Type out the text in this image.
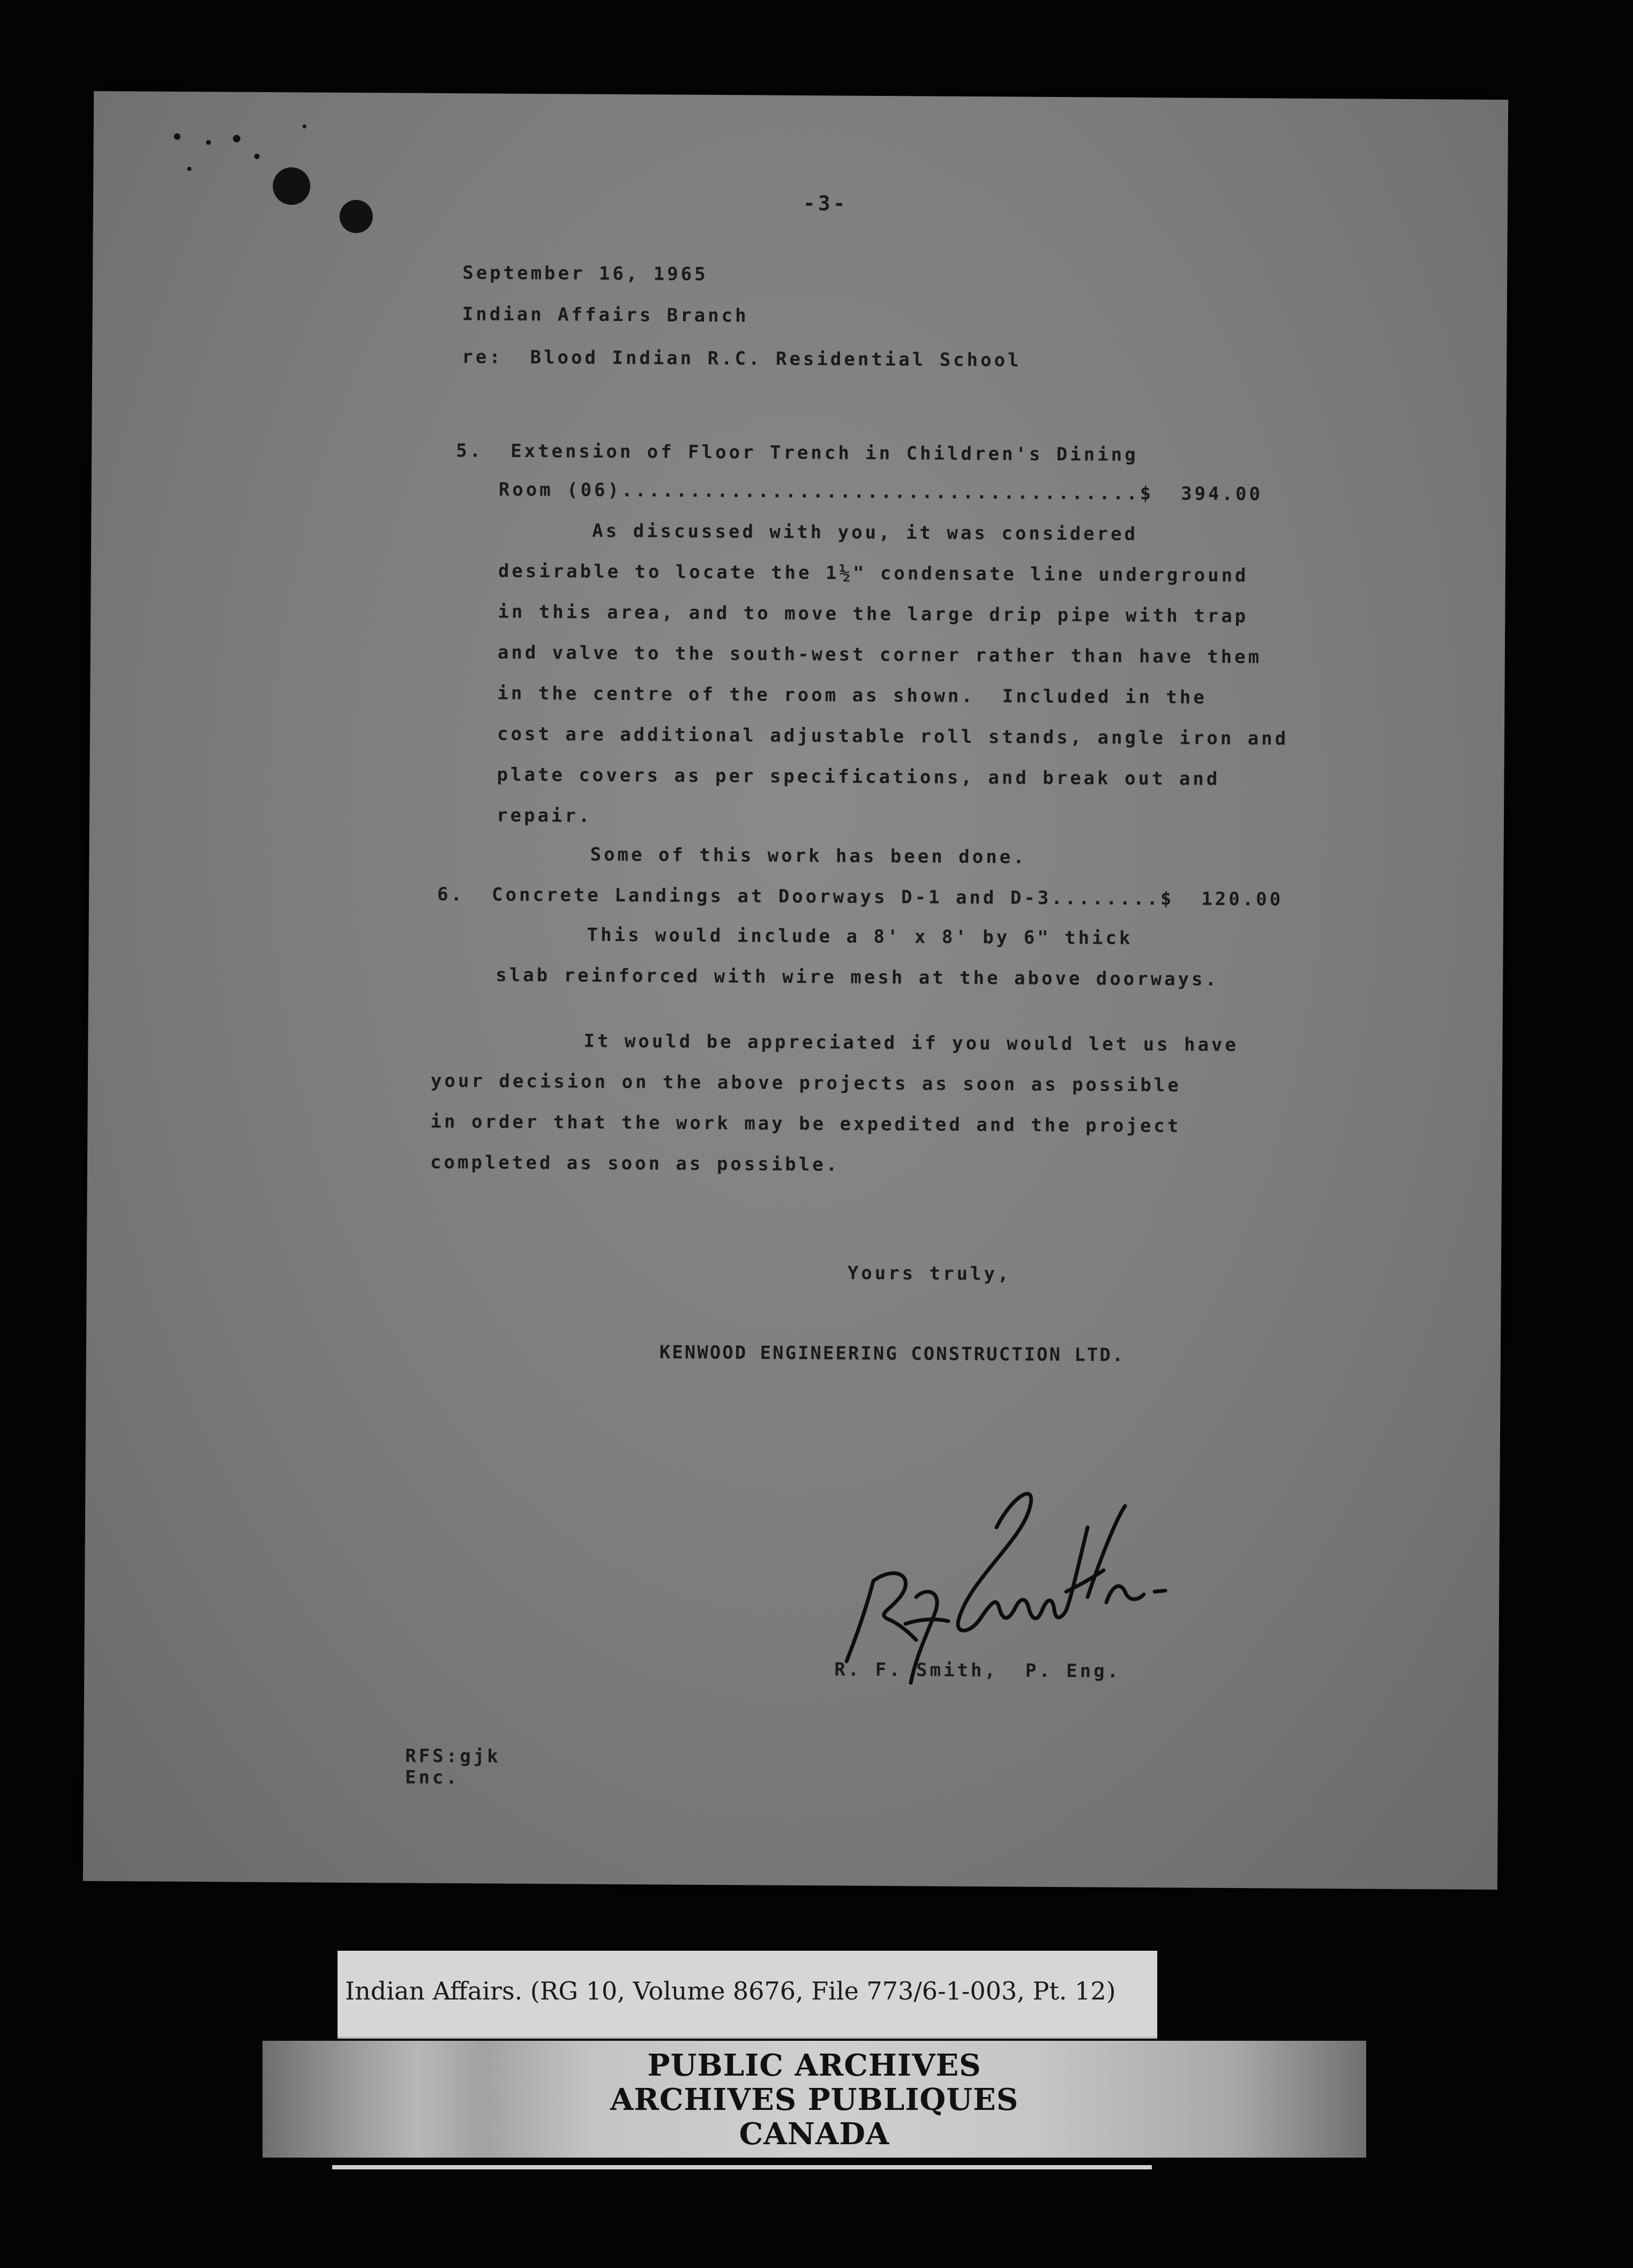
-3-
September 16, 1965
Indian Affairs Branch
re:  Blood Indian R.C. Residential School
5.  Extension of Floor Trench in Children's Dining
Room (06)......................................$  394.00
As discussed with you, it was considered
desirable to locate the 1½" condensate line underground
in this area, and to move the large drip pipe with trap
and valve to the south-west corner rather than have them
in the centre of the room as shown.  Included in the
cost are additional adjustable roll stands, angle iron and
plate covers as per specifications, and break out and
repair.
Some of this work has been done.
6.  Concrete Landings at Doorways D-1 and D-3........$  120.00
This would include a 8' x 8' by 6" thick
slab reinforced with wire mesh at the above doorways.
It would be appreciated if you would let us have
your decision on the above projects as soon as possible
in order that the work may be expedited and the project
completed as soon as possible.
Yours truly,
KENWOOD ENGINEERING CONSTRUCTION LTD.
R. F. Smith,  P. Eng.
RFS:gjk
Enc.
Indian Affairs. (RG 10, Volume 8676, File 773/6-1-003, Pt. 12)
PUBLIC ARCHIVES
ARCHIVES PUBLIQUES
CANADA
